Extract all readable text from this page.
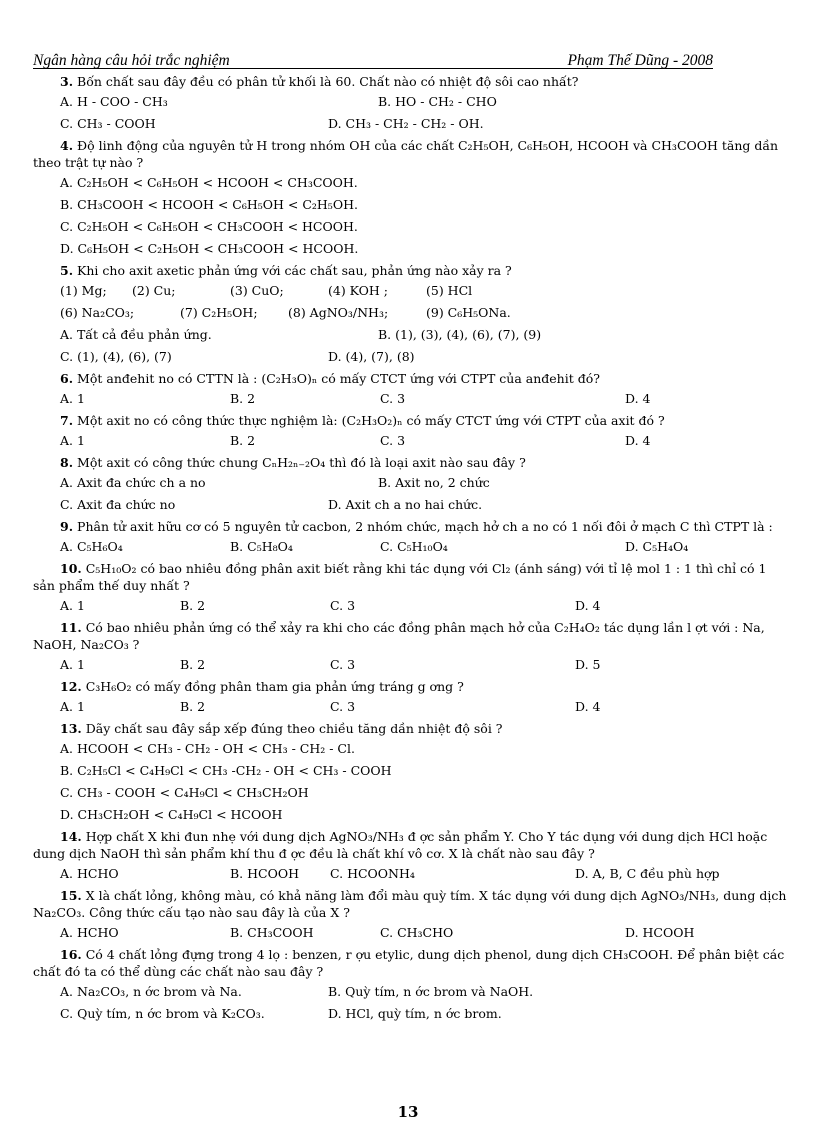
Ngân hàng câu hỏi trắc nghiệm	Phạm Thế Dũng - 2008
3. Bốn chất sau đây đều có phân tử khối là 60. Chất nào có nhiệt độ sôi cao nhất?
A. H - COO - CH₃	B. HO - CH₂ - CHO
C. CH₃ - COOH	D. CH₃ - CH₂ - CH₂ - OH.
4. Độ linh động của nguyên tử H trong nhóm OH của các chất C₂H₅OH, C₆H₅OH, HCOOH và CH₃COOH tăng dần theo trật tự nào ?
A. C₂H₅OH < C₆H₅OH < HCOOH < CH₃COOH.
B. CH₃COOH < HCOOH < C₆H₅OH < C₂H₅OH.
C. C₂H₅OH < C₆H₅OH < CH₃COOH < HCOOH.
D. C₆H₅OH < C₂H₅OH < CH₃COOH < HCOOH.
5. Khi cho axit axetic phản ứng với các chất sau, phản ứng nào xảy ra ?
(1) Mg; (2) Cu;	(3) CuO;	(4) KOH ;	(5) HCl
(6) Na₂CO₃;	(7) C₂H₅OH; (8) AgNO₃/NH₃;	(9) C₆H₅ONa.
A. Tất cả đều phản ứng.	B. (1), (3), (4), (6), (7), (9)
C. (1), (4), (6), (7)	D. (4), (7), (8)
6. Một anđehit no có CTTN là : (C₂H₃O)ₙ có mấy CTCT ứng với CTPT của anđehit đó?
A. 1	B. 2	C. 3	D. 4
7. Một axit no có công thức thực nghiệm là: (C₂H₃O₂)ₙ có mấy CTCT ứng với CTPT của axit đó ?
A. 1	B. 2	C. 3	D. 4
8. Một axit có công thức chung CₙH₂ₙ₋₂O₄ thì đó là loại axit nào sau đây ?
A. Axit đa chức ch a no	B. Axit no, 2 chức
C. Axit đa chức no	D. Axit ch a no hai chức.
9. Phân tử axit hữu cơ có 5 nguyên tử cacbon, 2 nhóm chức, mạch hở ch a no có 1 nối đôi ở mạch C thì CTPT là :
A. C₅H₆O₄	B. C₅H₈O₄	C. C₅H₁₀O₄	D. C₅H₄O₄
10. C₅H₁₀O₂ có bao nhiêu đồng phân axit biết rằng khi tác dụng với Cl₂ (ánh sáng) với tỉ lệ mol 1 : 1 thì chỉ có 1 sản phẩm thế duy nhất ?
A. 1	B. 2	C. 3	D. 4
11. Có bao nhiêu phản ứng có thể xảy ra khi cho các đồng phân mạch hở của C₂H₄O₂ tác dụng lần l ợt với : Na, NaOH, Na₂CO₃ ?
A. 1	B. 2	C. 3	D. 5
12. C₃H₆O₂ có mấy đồng phân tham gia phản ứng tráng g ơng ?
A. 1	B. 2	C. 3	D. 4
13. Dãy chất sau đây sắp xếp đúng theo chiều tăng dần nhiệt độ sôi ?
A. HCOOH < CH₃ - CH₂ - OH < CH₃ - CH₂ - Cl.
B. C₂H₅Cl < C₄H₉Cl < CH₃ -CH₂ - OH < CH₃ - COOH
C. CH₃ - COOH < C₄H₉Cl < CH₃CH₂OH
D. CH₃CH₂OH < C₄H₉Cl < HCOOH
14. Hợp chất X khi đun nhẹ với dung dịch AgNO₃/NH₃ đ ợc sản phẩm Y. Cho Y tác dụng với dung dịch HCl hoặc dung dịch NaOH thì sản phẩm khí thu đ ợc đều là chất khí vô cơ. X là chất nào sau đây ?
A. HCHO	B. HCOOH C. HCOONH₄	D. A, B, C đều phù hợp
15. X là chất lỏng, không màu, có khả năng làm đổi màu quỳ tím. X tác dụng với dung dịch AgNO₃/NH₃, dung dịch Na₂CO₃. Công thức cấu tạo nào sau đây là của X ?
A. HCHO	B. CH₃COOH	C. CH₃CHO	D. HCOOH
16. Có 4 chất lỏng đựng trong 4 lọ : benzen, r ợu etylic, dung dịch phenol, dung dịch CH₃COOH. Để phân biệt các chất đó ta có thể dùng các chất nào sau đây ?
A. Na₂CO₃, n ớc brom và Na.	B. Quỳ tím, n ớc brom và NaOH.
C. Quỳ tím, n ớc brom và K₂CO₃.	D. HCl, quỳ tím, n ớc brom.
13
